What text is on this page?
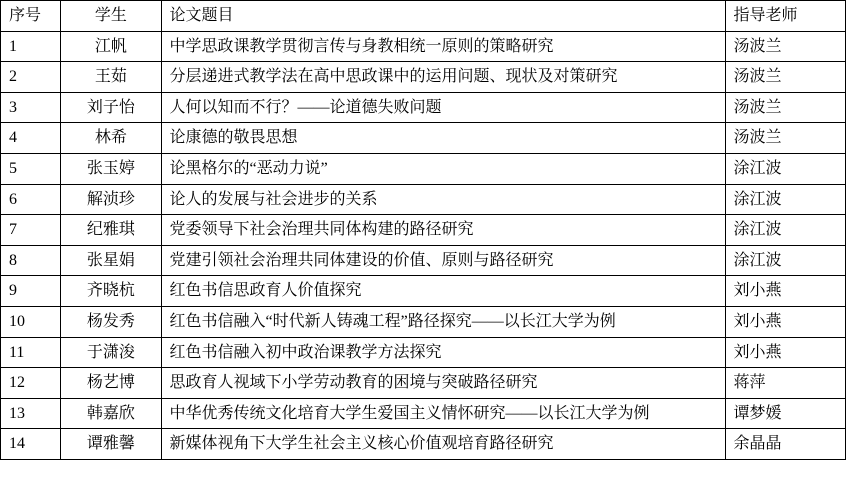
序号	学生	论文题目	指导老师
1	江帆	中学思政课教学贯彻言传与身教相统一原则的策略研究	汤波兰
2	王茹	分层递进式教学法在高中思政课中的运用问题、现状及对策研究	汤波兰
3	刘子怡	人何以知而不行？——论道德失败问题	汤波兰
4	林希	论康德的敬畏思想	汤波兰
5	张玉婷	论黑格尔的“恶动力说”	涂江波
6	解浈珍	论人的发展与社会进步的关系	涂江波
7	纪雅琪	党委领导下社会治理共同体构建的路径研究	涂江波
8	张星娟	党建引领社会治理共同体建设的价值、原则与路径研究	涂江波
9	齐晓杭	红色书信思政育人价值探究	刘小燕
10	杨发秀	红色书信融入“时代新人铸魂工程”路径探究——以长江大学为例	刘小燕
11	于潇浚	红色书信融入初中政治课教学方法探究	刘小燕
12	杨艺博	思政育人视域下小学劳动教育的困境与突破路径研究	蒋萍
13	韩嘉欣	中华优秀传统文化培育大学生爱国主义情怀研究——以长江大学为例	谭梦媛
14	谭雅馨	新媒体视角下大学生社会主义核心价值观培育路径研究	余晶晶
